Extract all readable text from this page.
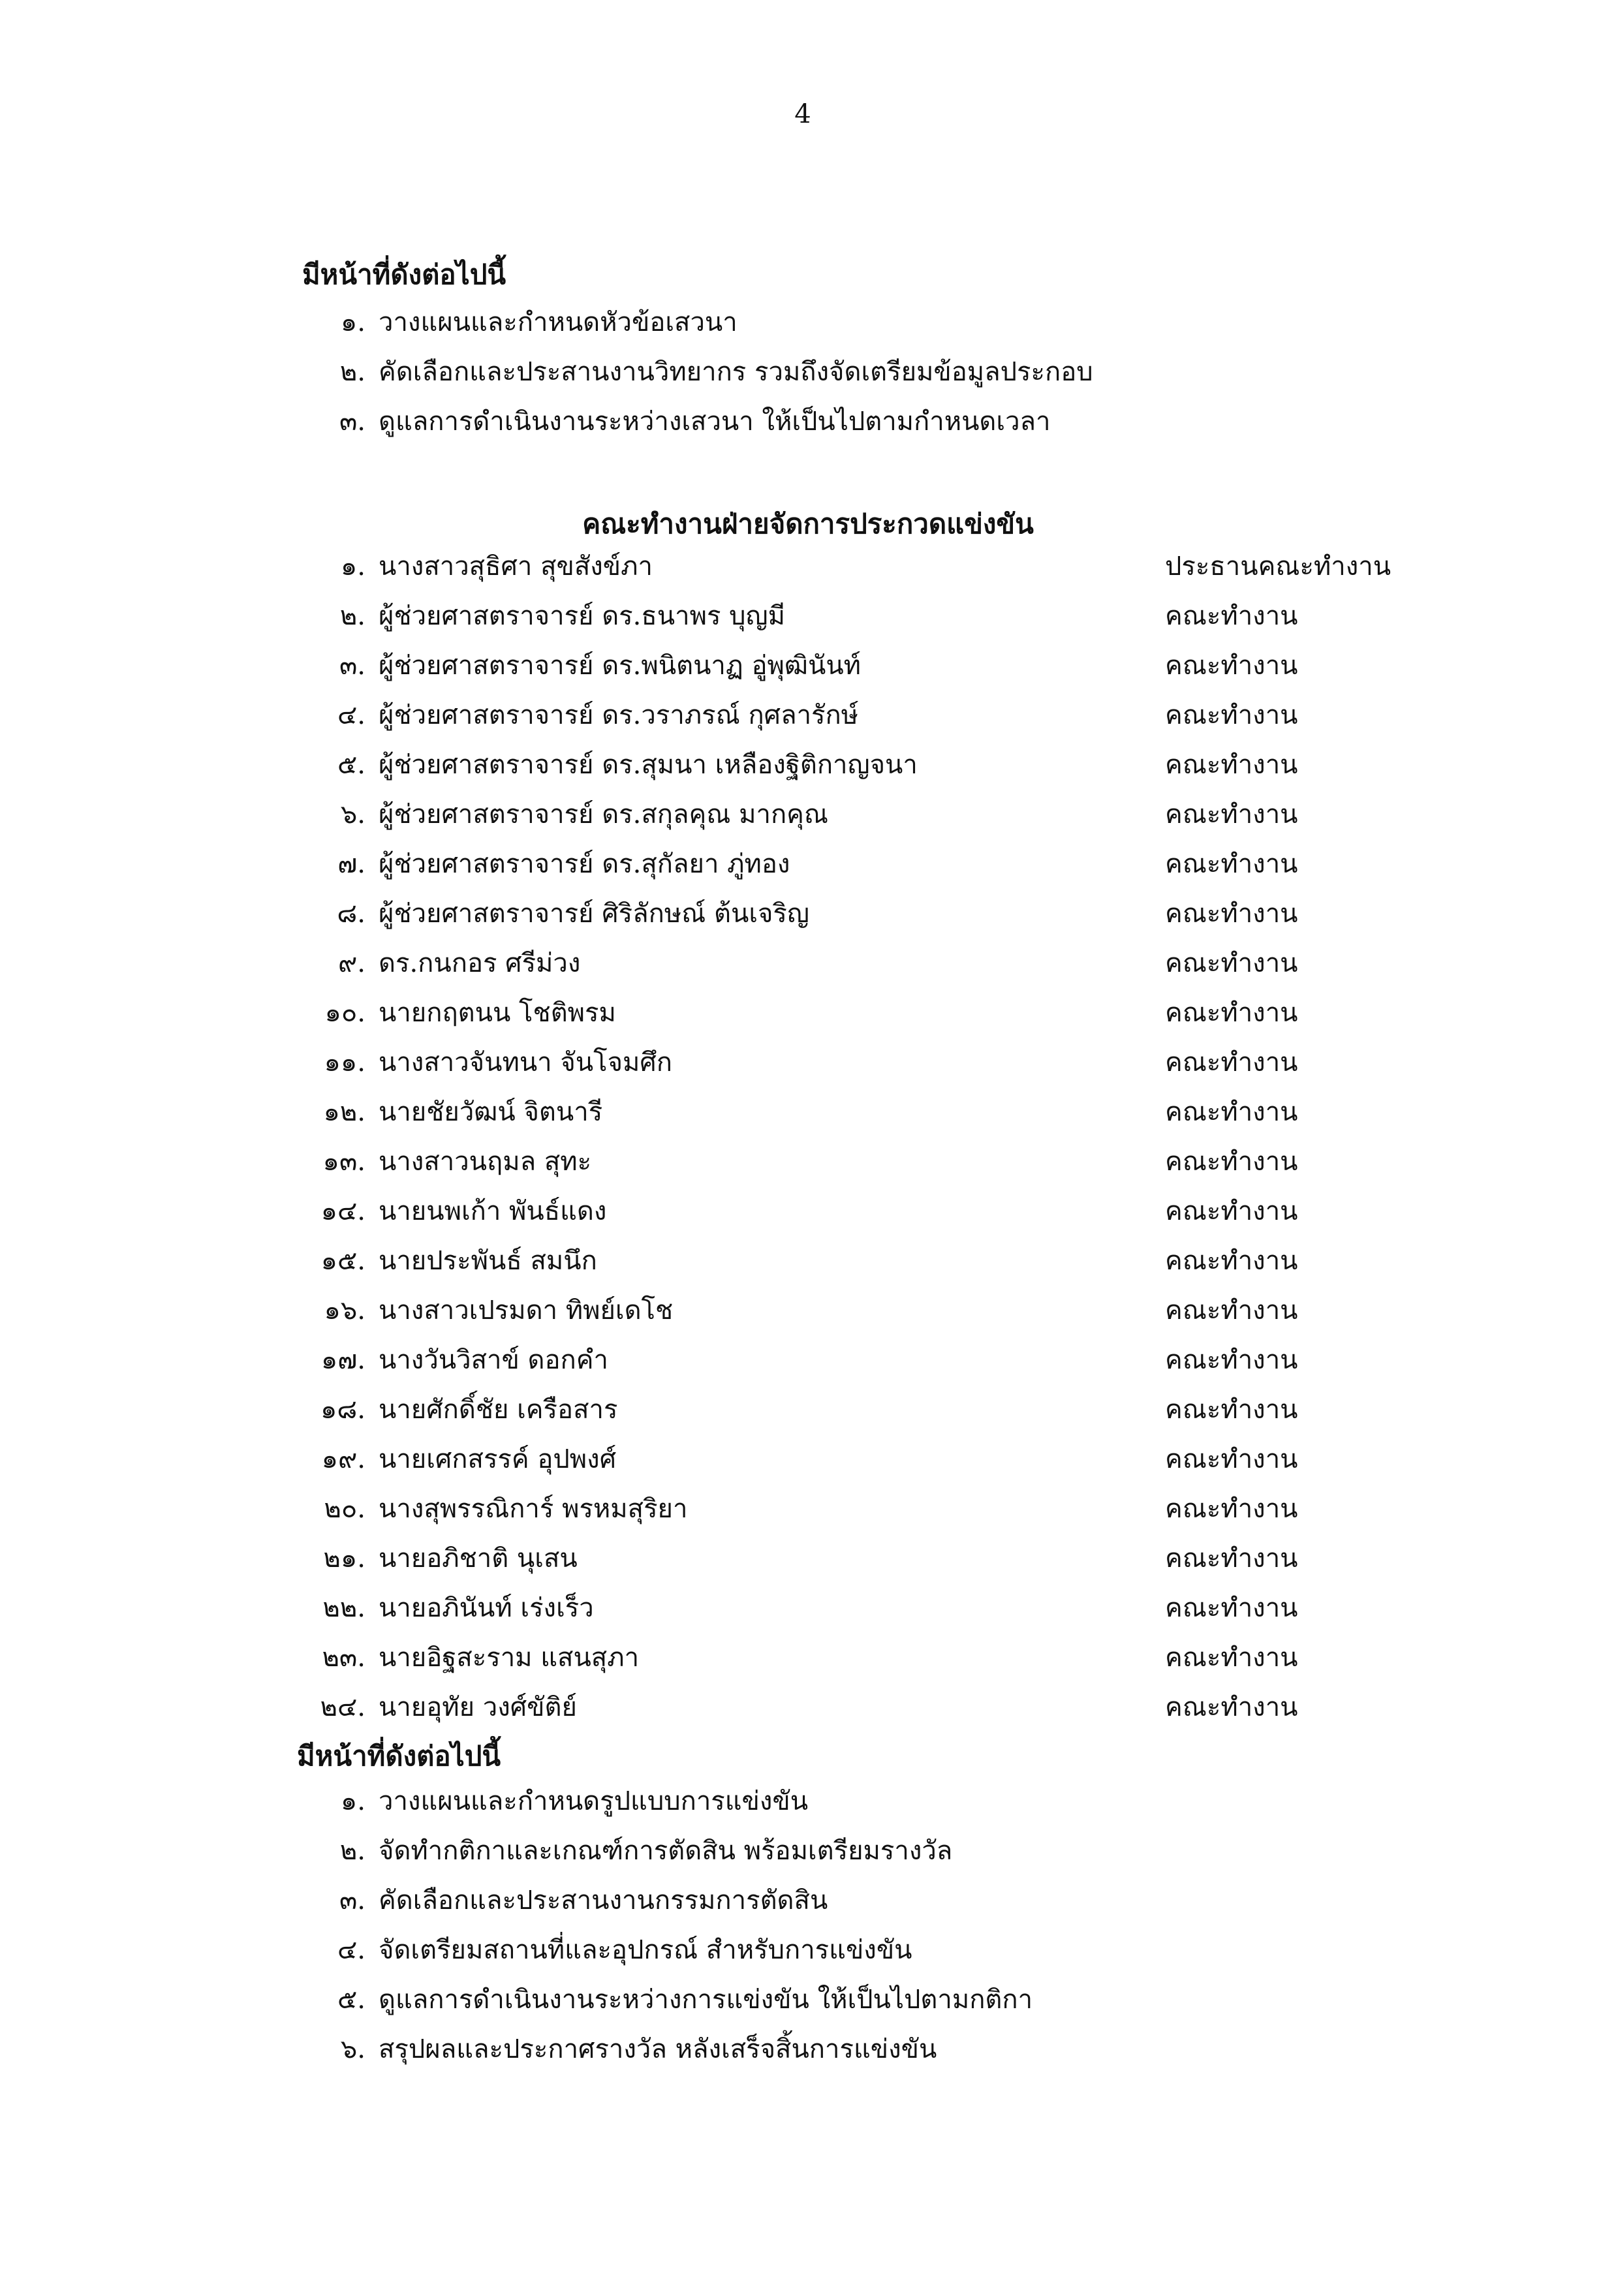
4
มีหน้าที่ดังต่อไปนี้
๑. วางแผนและกำหนดหัวข้อเสวนา
๒. คัดเลือกและประสานงานวิทยากร รวมถึงจัดเตรียมข้อมูลประกอบ
๓. ดูแลการดำเนินงานระหว่างเสวนา ให้เป็นไปตามกำหนดเวลา
คณะทำงานฝ่ายจัดการประกวดแข่งขัน
๑. นางสาวสุธิศา สุขสังข์ภา	ประธานคณะทำงาน
๒. ผู้ช่วยศาสตราจารย์ ดร.ธนาพร บุญมี	คณะทำงาน
๓. ผู้ช่วยศาสตราจารย์ ดร.พนิตนาฏ อู่พุฒินันท์	คณะทำงาน
๔. ผู้ช่วยศาสตราจารย์ ดร.วราภรณ์ กุศลารักษ์	คณะทำงาน
๕. ผู้ช่วยศาสตราจารย์ ดร.สุมนา เหลืองฐิติกาญจนา	คณะทำงาน
๖. ผู้ช่วยศาสตราจารย์ ดร.สกุลคุณ มากคุณ	คณะทำงาน
๗. ผู้ช่วยศาสตราจารย์ ดร.สุกัลยา ภู่ทอง	คณะทำงาน
๘. ผู้ช่วยศาสตราจารย์ ศิริลักษณ์ ต้นเจริญ	คณะทำงาน
๙. ดร.กนกอร ศรีม่วง	คณะทำงาน
๑๐. นายกฤตนน โชติพรม	คณะทำงาน
๑๑. นางสาวจันทนา จันโจมศึก	คณะทำงาน
๑๒. นายชัยวัฒน์ จิตนารี	คณะทำงาน
๑๓. นางสาวนฤมล สุทะ	คณะทำงาน
๑๔. นายนพเก้า พันธ์แดง	คณะทำงาน
๑๕. นายประพันธ์ สมนึก	คณะทำงาน
๑๖. นางสาวเปรมดา ทิพย์เดโช	คณะทำงาน
๑๗. นางวันวิสาข์ ดอกคำ	คณะทำงาน
๑๘. นายศักดิ์ชัย เครือสาร	คณะทำงาน
๑๙. นายเศกสรรค์ อุปพงศ์	คณะทำงาน
๒๐. นางสุพรรณิการ์ พรหมสุริยา	คณะทำงาน
๒๑. นายอภิชาติ นุเสน	คณะทำงาน
๒๒. นายอภินันท์ เร่งเร็ว	คณะทำงาน
๒๓. นายอิฐสะราม แสนสุภา	คณะทำงาน
๒๔. นายอุทัย วงศ์ขัติย์	คณะทำงาน
มีหน้าที่ดังต่อไปนี้
๑. วางแผนและกำหนดรูปแบบการแข่งขัน
๒. จัดทำกติกาและเกณฑ์การตัดสิน พร้อมเตรียมรางวัล
๓. คัดเลือกและประสานงานกรรมการตัดสิน
๔. จัดเตรียมสถานที่และอุปกรณ์ สำหรับการแข่งขัน
๕. ดูแลการดำเนินงานระหว่างการแข่งขัน ให้เป็นไปตามกติกา
๖. สรุปผลและประกาศรางวัล หลังเสร็จสิ้นการแข่งขัน
